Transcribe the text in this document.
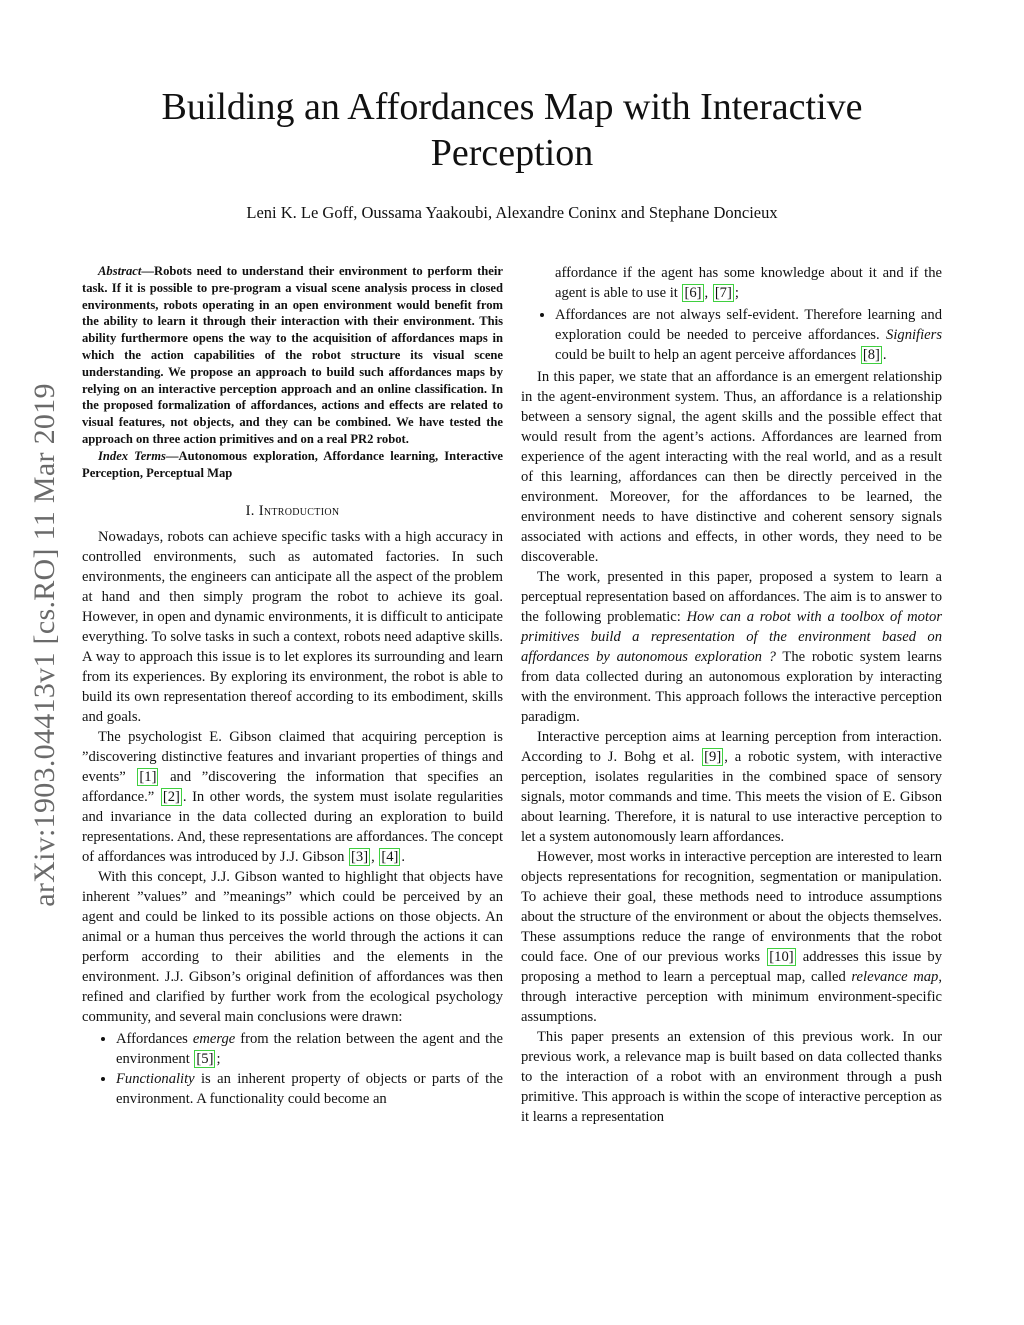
Building an Affordances Map with Interactive Perception
Leni K. Le Goff, Oussama Yaakoubi, Alexandre Coninx and Stephane Doncieux
arXiv:1903.04413v1 [cs.RO] 11 Mar 2019

Abstract—Robots need to understand their environment to perform their task. If it is possible to pre-program a visual scene analysis process in closed environments, robots operating in an open environment would benefit from the ability to learn it through their interaction with their environment. This ability furthermore opens the way to the acquisition of affordances maps in which the action capabilities of the robot structure its visual scene understanding. We propose an approach to build such affordances maps by relying on an interactive perception approach and an online classification. In the proposed formalization of affordances, actions and effects are related to visual features, not objects, and they can be combined. We have tested the approach on three action primitives and on a real PR2 robot.

Index Terms—Autonomous exploration, Affordance learning, Interactive Perception, Perceptual Map

I. Introduction

Nowadays, robots can achieve specific tasks with a high accuracy in controlled environments, such as automated factories. In such environments, the engineers can anticipate all the aspect of the problem at hand and then simply program the robot to achieve its goal. However, in open and dynamic environments, it is difficult to anticipate everything. To solve tasks in such a context, robots need adaptive skills. A way to approach this issue is to let explores its surrounding and learn from its experiences. By exploring its environment, the robot is able to build its own representation thereof according to its embodiment, skills and goals.

The psychologist E. Gibson claimed that acquiring perception is ”discovering distinctive features and invariant properties of things and events” [1] and ”discovering the information that specifies an affordance.” [2] . In other words, the system must isolate regularities and invariance in the data collected during an exploration to build representations. And, these representations are affordances. The concept of affordances was introduced by J.J. Gibson [3] , [4] .

With this concept, J.J. Gibson wanted to highlight that objects have inherent ”values” and ”meanings” which could be perceived by an agent and could be linked to its possible actions on those objects. An animal or a human thus perceives the world through the actions it can perform according to their abilities and the elements in the environment. J.J. Gibson’s original definition of affordances was then refined and clarified by further work from the ecological psychology community, and several main conclusions were drawn:

• Affordances emerge from the relation between the agent and the environment [5] ;
• Functionality is an inherent property of objects or parts of the environment. A functionality could become an
affordance if the agent has some knowledge about it and if the agent is able to use it [6] , [7] ;
• Affordances are not always self-evident. Therefore learning and exploration could be needed to perceive affordances. Signifiers could be built to help an agent perceive affordances [8] .

In this paper, we state that an affordance is an emergent relationship in the agent-environment system. Thus, an affordance is a relationship between a sensory signal, the agent skills and the possible effect that would result from the agent’s actions. Affordances are learned from experience of the agent interacting with the real world, and as a result of this learning, affordances can then be directly perceived in the environment. Moreover, for the affordances to be learned, the environment needs to have distinctive and coherent sensory signals associated with actions and effects, in other words, they need to be discoverable.

The work, presented in this paper, proposed a system to learn a perceptual representation based on affordances. The aim is to answer to the following problematic: How can a robot with a toolbox of motor primitives build a representation of the environment based on affordances by autonomous exploration ? The robotic system learns from data collected during an autonomous exploration by interacting with the environment. This approach follows the interactive perception paradigm.

Interactive perception aims at learning perception from interaction. According to J. Bohg et al. [9] , a robotic system, with interactive perception, isolates regularities in the combined space of sensory signals, motor commands and time. This meets the vision of E. Gibson about learning. Therefore, it is natural to use interactive perception to let a system autonomously learn affordances.

However, most works in interactive perception are interested to learn objects representations for recognition, segmentation or manipulation. To achieve their goal, these methods need to introduce assumptions about the structure of the environment or about the objects themselves. These assumptions reduce the range of environments that the robot could face. One of our previous works [10] addresses this issue by proposing a method to learn a perceptual map, called relevance map, through interactive perception with minimum environment-specific assumptions.

This paper presents an extension of this previous work. In our previous work, a relevance map is built based on data collected thanks to the interaction of a robot with an environment through a push primitive. This approach is within the scope of interactive perception as it learns a representation
